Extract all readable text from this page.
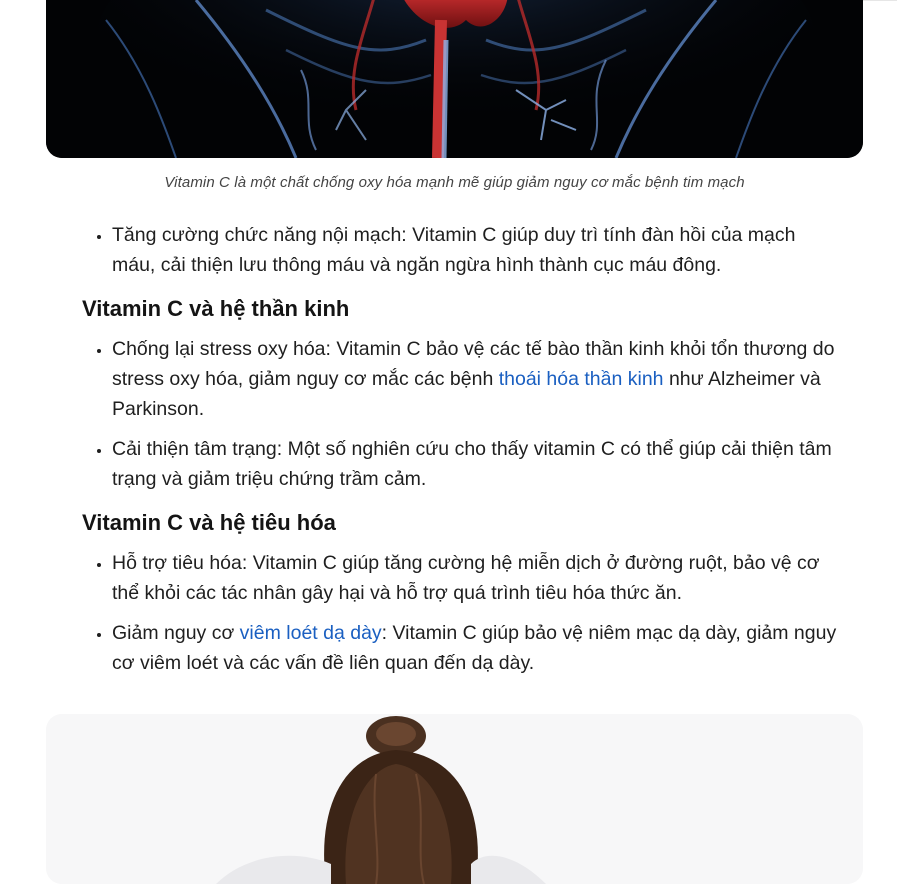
Vitamin C là một chất chống oxy hóa mạnh mẽ giúp giảm nguy cơ mắc bệnh tim mạch
• Tăng cường chức năng nội mạch: Vitamin C giúp duy trì tính đàn hồi của mạch máu, cải thiện lưu thông máu và ngăn ngừa hình thành cục máu đông.
Vitamin C và hệ thần kinh
• Chống lại stress oxy hóa: Vitamin C bảo vệ các tế bào thần kinh khỏi tổn thương do stress oxy hóa, giảm nguy cơ mắc các bệnh thoái hóa thần kinh như Alzheimer và Parkinson.
• Cải thiện tâm trạng: Một số nghiên cứu cho thấy vitamin C có thể giúp cải thiện tâm trạng và giảm triệu chứng trầm cảm.
Vitamin C và hệ tiêu hóa
• Hỗ trợ tiêu hóa: Vitamin C giúp tăng cường hệ miễn dịch ở đường ruột, bảo vệ cơ thể khỏi các tác nhân gây hại và hỗ trợ quá trình tiêu hóa thức ăn.
• Giảm nguy cơ viêm loét dạ dày: Vitamin C giúp bảo vệ niêm mạc dạ dày, giảm nguy cơ viêm loét và các vấn đề liên quan đến dạ dày.
